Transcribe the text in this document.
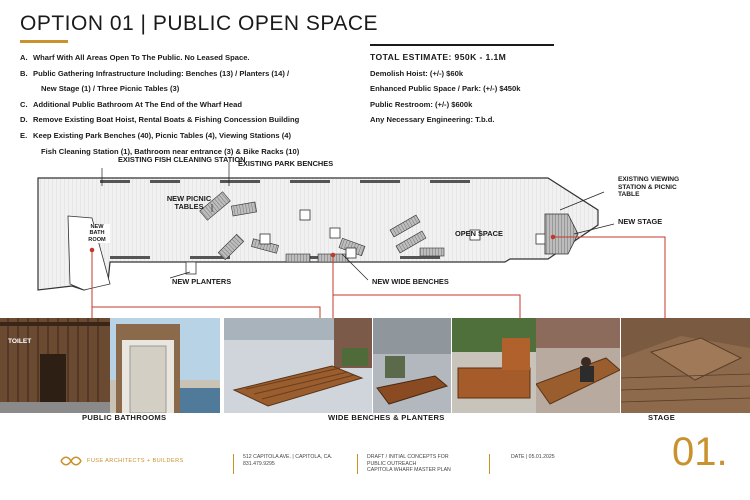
OPTION 01 | PUBLIC OPEN SPACE
A. Wharf With All Areas Open To The Public. No Leased Space.
B. Public Gathering Infrastructure Including: Benches (13) / Planters (14) /
New Stage (1) / Three Picnic Tables (3)
C. Additional Public Bathroom At The End of the Wharf Head
D. Remove Existing Boat Hoist, Rental Boats & Fishing Concession Building
E. Keep Existing Park Benches (40), Picnic Tables (4), Viewing Stations (4)
Fish Cleaning Station (1), Bathroom near entrance (3) & Bike Racks (10)
TOTAL ESTIMATE: 950K - 1.1M
Demolish Hoist: (+/-) $60k
Enhanced Public Space / Park: (+/-) $450k
Public Restroom: (+/-) $600k
Any Necessary Engineering: T.b.d.
EXISTING FISH CLEANING STATION
EXISTING PARK BENCHES
NEW PICNIC TABLES
NEW BATH ROOM
OPEN SPACE
EXISTING VIEWING STATION & PICNIC TABLE
NEW STAGE
NEW PLANTERS	NEW WIDE BENCHES
TOILET
PUBLIC BATHROOMS	WIDE BENCHES & PLANTERS	STAGE
FUSE ARCHITECTS + BUILDERS
512 CAPITOLA AVE. | CAPITOLA, CA.
831.479.9295
DRAFT / INITIAL CONCEPTS FOR
PUBLIC OUTREACH
CAPITOLA WHARF MASTER PLAN
DATE | 05.01.2025	01.
